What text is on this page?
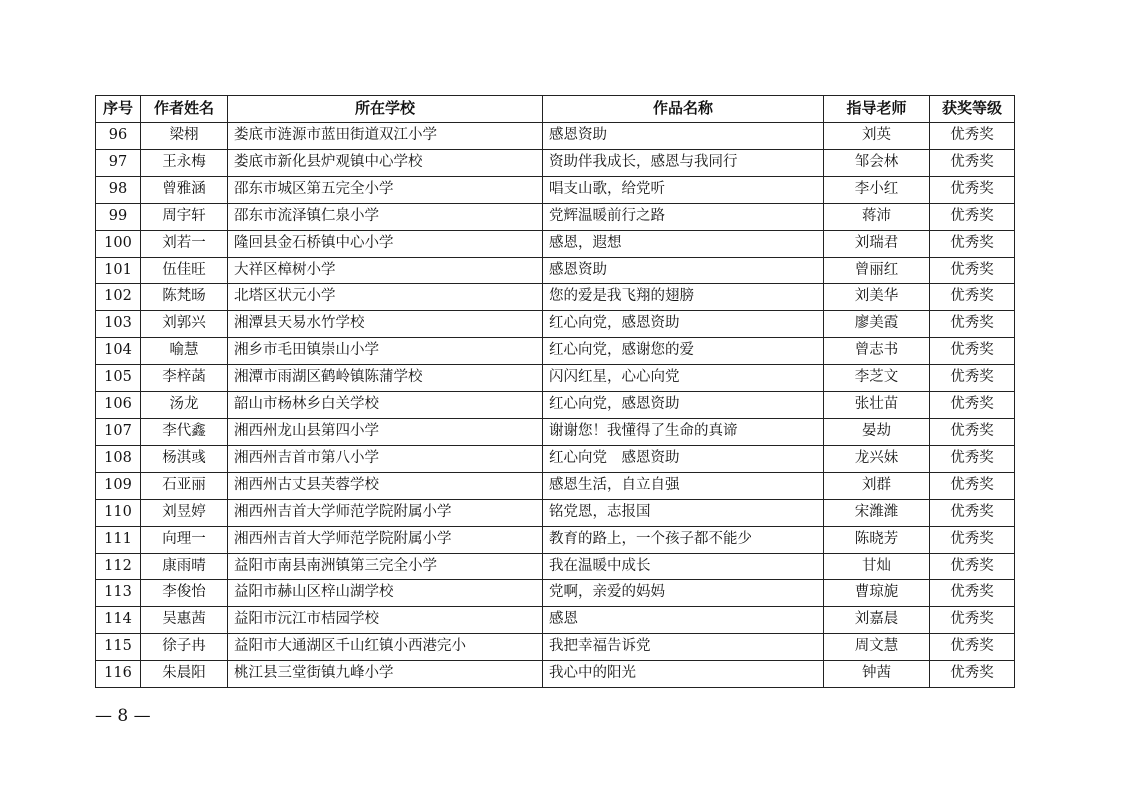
序号	作者姓名	所在学校	作品名称	指导老师	获奖等级
96	梁栩	娄底市涟源市蓝田街道双江小学	感恩资助	刘英	优秀奖
97	王永梅	娄底市新化县炉观镇中心学校	资助伴我成长，感恩与我同行	邹会林	优秀奖
98	曾雅涵	邵东市城区第五完全小学	唱支山歌，给党听	李小红	优秀奖
99	周宇轩	邵东市流泽镇仁泉小学	党辉温暖前行之路	蒋沛	优秀奖
100	刘若一	隆回县金石桥镇中心小学	感恩，遐想	刘瑞君	优秀奖
101	伍佳旺	大祥区樟树小学	感恩资助	曾丽红	优秀奖
102	陈梵旸	北塔区状元小学	您的爱是我飞翔的翅膀	刘美华	优秀奖
103	刘郭兴	湘潭县天易水竹学校	红心向党，感恩资助	廖美霞	优秀奖
104	喻慧	湘乡市毛田镇崇山小学	红心向党，感谢您的爱	曾志书	优秀奖
105	李梓菡	湘潭市雨湖区鹤岭镇陈蒲学校	闪闪红星，心心向党	李芝文	优秀奖
106	汤龙	韶山市杨林乡白关学校	红心向党，感恩资助	张壮苗	优秀奖
107	李代鑫	湘西州龙山县第四小学	谢谢您！我懂得了生命的真谛	晏劫	优秀奖
108	杨淇彧	湘西州吉首市第八小学	红心向党　感恩资助	龙兴妹	优秀奖
109	石亚丽	湘西州古丈县芙蓉学校	感恩生活，自立自强	刘群	优秀奖
110	刘昱婷	湘西州吉首大学师范学院附属小学	铭党恩，志报国	宋潍潍	优秀奖
111	向理一	湘西州吉首大学师范学院附属小学	教育的路上，一个孩子都不能少	陈晓芳	优秀奖
112	康雨晴	益阳市南县南洲镇第三完全小学	我在温暖中成长	甘灿	优秀奖
113	李俊怡	益阳市赫山区梓山湖学校	党啊，亲爱的妈妈	曹琼旎	优秀奖
114	吴惠茜	益阳市沅江市桔园学校	感恩	刘嘉晨	优秀奖
115	徐子冉	益阳市大通湖区千山红镇小西港完小	我把幸福告诉党	周文慧	优秀奖
116	朱晨阳	桃江县三堂街镇九峰小学	我心中的阳光	钟茜	优秀奖
— 8 —
